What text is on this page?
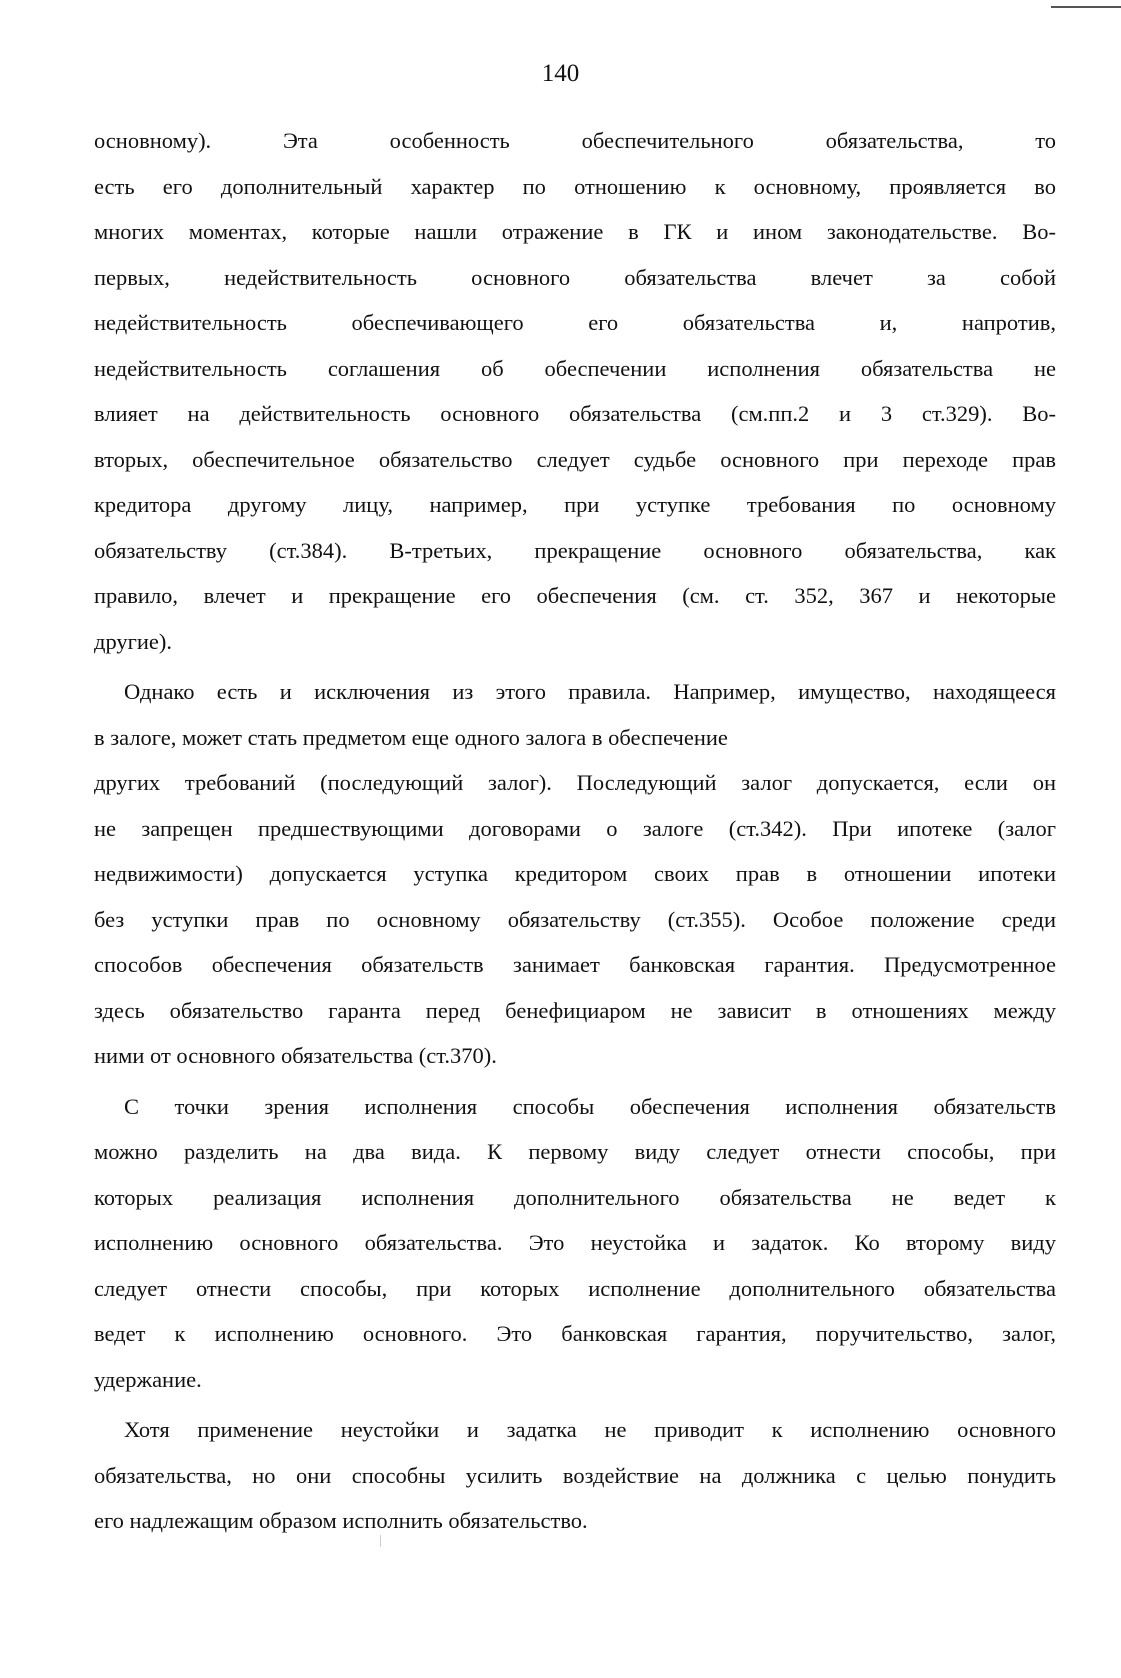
140

основному). Эта особенность обеспечительного обязательства, то
есть его дополнительный характер по отношению к основному, проявляется во
многих моментах, которые нашли отражение в ГК и ином законодательстве. Во-
первых, недействительность основного обязательства влечет за собой
недействительность обеспечивающего его обязательства и, напротив,
недействительность соглашения об обеспечении исполнения обязательства не
влияет на действительность основного обязательства (см.пп.2 и 3 ст.329). Во-
вторых, обеспечительное обязательство следует судьбе основного при переходе прав
кредитора другому лицу, например, при уступке требования по основному
обязательству (ст.384). В-третьих, прекращение основного обязательства, как
правило, влечет и прекращение его обеспечения (см. ст. 352, 367 и некоторые
другие).

Однако есть и исключения из этого правила. Например, имущество, находящееся
в залоге, может стать предметом еще одного залога в обеспечение
других требований (последующий залог). Последующий залог допускается, если он
не запрещен предшествующими договорами о залоге (ст.342). При ипотеке (залог
недвижимости) допускается уступка кредитором своих прав в отношении ипотеки
без уступки прав по основному обязательству (ст.355). Особое положение среди
способов обеспечения обязательств занимает банковская гарантия. Предусмотренное
здесь обязательство гаранта перед бенефициаром не зависит в отношениях между
ними от основного обязательства (ст.370).

С точки зрения исполнения способы обеспечения исполнения обязательств
можно разделить на два вида. К первому виду следует отнести способы, при
которых реализация исполнения дополнительного обязательства не ведет к
исполнению основного обязательства. Это неустойка и задаток. Ко второму виду
следует отнести способы, при которых исполнение дополнительного обязательства
ведет к исполнению основного. Это банковская гарантия, поручительство, залог,
удержание.

Хотя применение неустойки и задатка не приводит к исполнению основного
обязательства, но они способны усилить воздействие на должника с целью понудить
его надлежащим образом исполнить обязательство.
